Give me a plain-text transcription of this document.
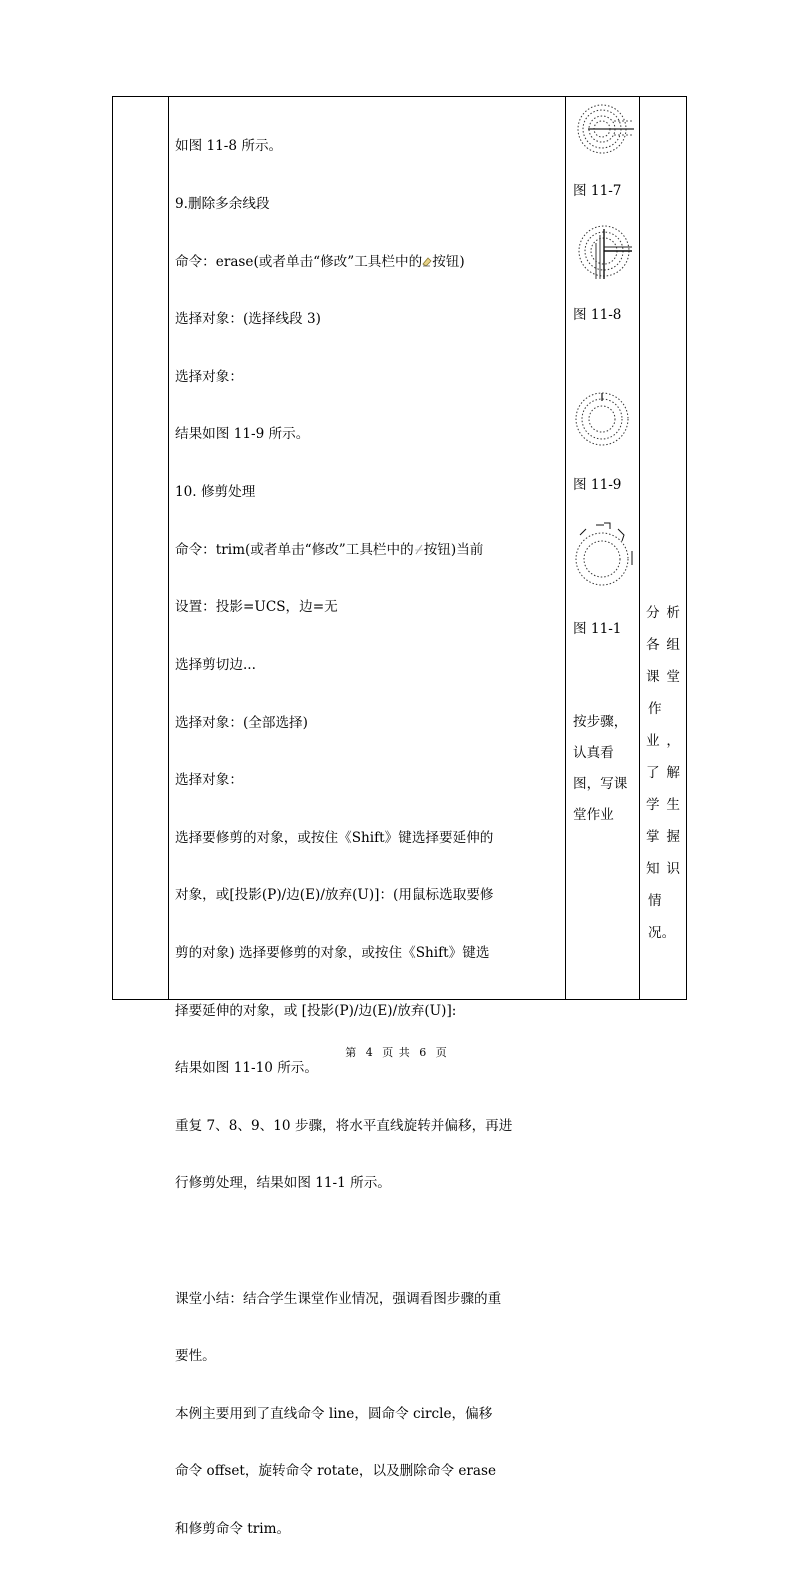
如图 11-8 所示。

9.删除多余线段

命令：erase(或者单击“修改”工具栏中的 按钮)

选择对象：(选择线段 3)

选择对象：

结果如图 11-9 所示。

10. 修剪处理

命令：trim(或者单击“修改”工具栏中的 按钮)当前

设置：投影=UCS，边=无

选择剪切边...

选择对象：(全部选择)

选择对象：

选择要修剪的对象，或按住《Shift》键选择要延伸的

对象，或[投影(P)/边(E)/放弃(U)]：(用鼠标选取要修

剪的对象) 选择要修剪的对象，或按住《Shift》键选

择要延伸的对象，或 [投影(P)/边(E)/放弃(U)]:

结果如图 11-10 所示。

重复 7、8、9、10 步骤，将水平直线旋转并偏移，再进

行修剪处理，结果如图 11-1 所示。

课堂小结：结合学生课堂作业情况，强调看图步骤的重

要性。

本例主要用到了直线命令 line，圆命令 circle，偏移

命令 offset，旋转命令 rotate，以及删除命令 erase

和修剪命令 trim。

图 11-7
图 11-8
图 11-9
图 11-1
按步骤，
认真看
图，写课
堂作业
分析
各组
课堂
作
业，
了解
学生
掌握
知识
情
况。
第 4 页 共 6 页
